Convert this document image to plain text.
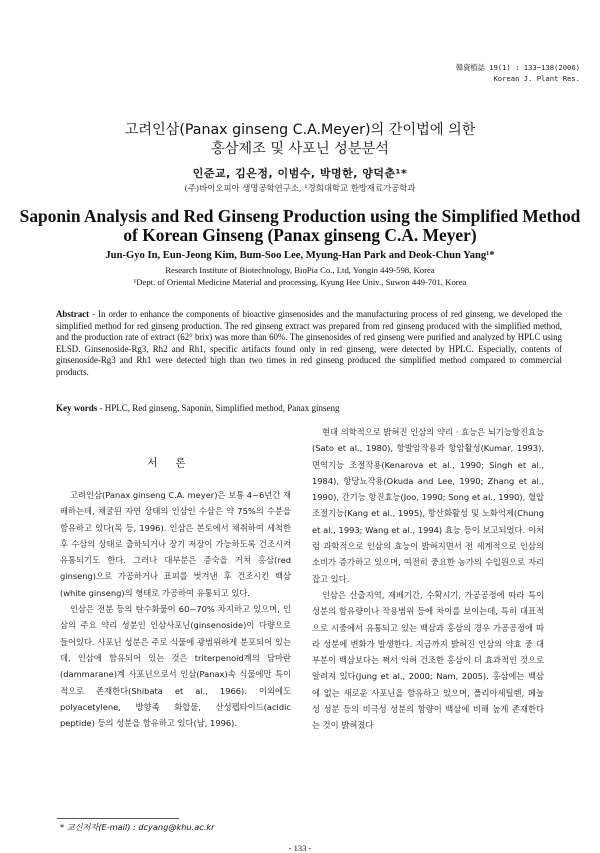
韓資植誌 19(1) : 133~138(2006)
Korean J. Plant Res.
고려인삼(Panax ginseng C.A.Meyer)의 간이법에 의한
홍삼제조 및 사포닌 성분분석
인준교, 김은정, 이범수, 박명한, 양덕춘¹*
(주)바이오피아 생명공학연구소, ¹경희대학교 한방재료가공학과
Saponin Analysis and Red Ginseng Production using the Simplified Method
of Korean Ginseng (Panax ginseng C.A. Meyer)
Jun-Gyo In, Eun-Jeong Kim, Bum-Soo Lee, Myung-Han Park and Deok-Chun Yang¹*
Research Institute of Biotechnology, BioPia Co., Ltd, Yongin 449-598, Korea
¹Dept. of Oriental Medicine Material and processing, Kyung Hee Univ., Suwon 449-701, Korea
Abstract - In order to enhance the components of bioactive ginsenosides and the manufacturing process of red ginseng, we developed the simplified method for red ginseng production. The red ginseng extract was prepared from red ginseng produced with the simplified method, and the production rate of extract (62° brix) was more than 60%. The ginsenosides of red ginseng were purified and analyzed by HPLC using ELSD. Ginsenoside-Rg3, Rh2 and Rh1, specific artifacts found only in red ginseng, were detected by HPLC. Especially, contents of ginsenoside-Rg3 and Rh1 were detected high than two times in red ginseng produced the simplified method compared to commercial products.
Key words - HPLC, Red ginseng, Saponin, Simplified method, Panax ginseng
ᐟ
서론

고려인삼(Panax ginseng C.A. meyer)은 보통 4~6년간 재배하는데, 채굴된 자연 상태의 인삼인 수삼은 약 75%의 수분을 함유하고 있다(목 등, 1996). 인삼은 본토에서 채취하여 세척한 후 수삼의 상태로 출하되거나 장기 저장이 가능하도록 건조시켜 유통되기도 한다. 그러나 대부분은 증숙을 거쳐 홍삼(red ginseng)으로 가공하거나 표피를 벗겨낸 후 건조시킨 백삼(white ginseng)의 형태로 가공하여 유통되고 있다.

인삼은 전분 등의 탄수화물이 60~70% 차지하고 있으며, 인삼의 주요 약리 성분인 인삼사포닌(ginsenoside)이 다량으로 들어있다. 사포닌 성분은 주로 식물에 광범위하게 분포되어 있는데, 인삼에 함유되어 있는 것은 triterpenoid계의 담마란(dammarane)계 사포닌으로서 인삼(Panax)속 식물에만 특이적으로 존재한다(Shibata et al., 1966). 이외에도 polyacetylene, 방향족 화합물, 산성펩타이드(acidic peptide) 등의 성분을 함유하고 있다(남, 1996).

현대 의학적으로 밝혀진 인삼의 약리 · 효능은 뇌기능항진효능(Sato et al., 1980), 항발암작용과 항암활성(Kumar, 1993), 면역기능 조절작용(Kenarova et al., 1990; Singh et al., 1984), 항당뇨작용(Okuda and Lee, 1990; Zhang et al., 1990), 간기능 항진효능(Joo, 1990; Song et al., 1990), 혈압조절기능(Kang et al., 1995), 항산화활성 및 노화억제(Chung et al., 1993; Wang et al., 1994) 효능 등이 보고되었다. 이처럼 과학적으로 인삼의 효능이 밝혀지면서 전 세계적으로 인삼의 소비가 증가하고 있으며, 여전히 중요한 농가의 수입원으로 자리잡고 있다.

인삼은 산출지역, 재배기간, 수확시기, 가공공정에 따라 특이성분의 함유량이나 작용범위 등에 차이를 보이는데, 특히 대표적으로 시중에서 유통되고 있는 백삼과 홍삼의 경우 가공공정에 따라 성분에 변화가 발생한다. 지금까지 밝혀진 인삼의 약효 중 대부분이 백삼보다는 쪄서 익혀 건조한 홍삼이 더 효과적인 것으로 알려져 있다(Jung et al., 2000; Nam, 2005). 홍삼에는 백삼에 없는 새로운 사포닌을 함유하고 있으며, 폴리아세틸렌, 페놀성 성분 등의 비극성 성분의 함량이 백삼에 비해 높게 존재한다는 것이 밝혀졌다

* 교신저자(E-mail) : dcyang@khu.ac.kr
- 133 -
